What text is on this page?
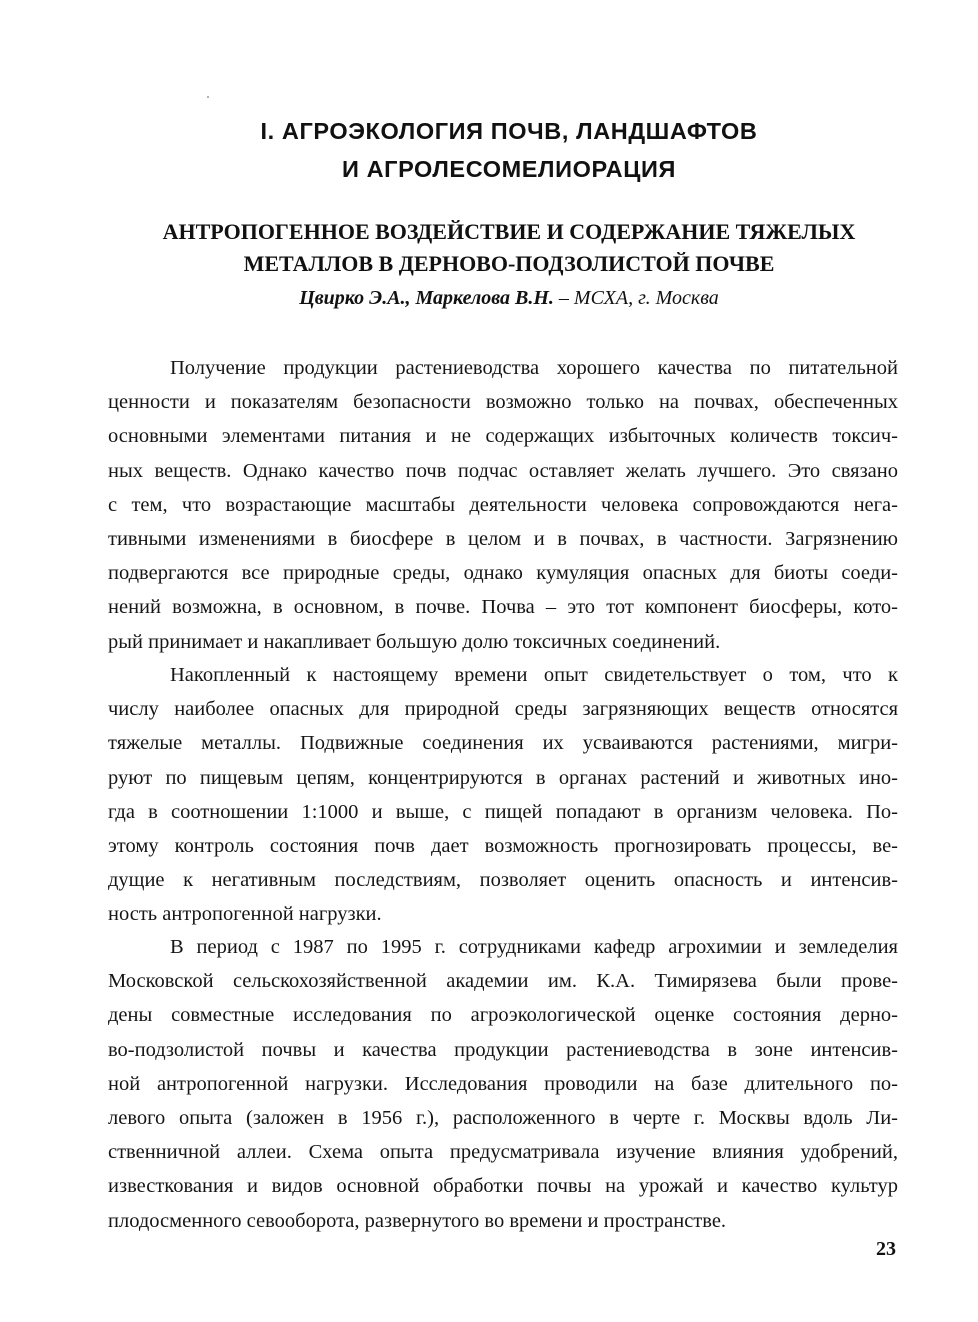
I. АГРОЭКОЛОГИЯ ПОЧВ, ЛАНДШАФТОВ
И АГРОЛЕСОМЕЛИОРАЦИЯ
АНТРОПОГЕННОЕ ВОЗДЕЙСТВИЕ И СОДЕРЖАНИЕ ТЯЖЕЛЫХ
МЕТАЛЛОВ В ДЕРНОВО-ПОДЗОЛИСТОЙ ПОЧВЕ
Цвирко Э.А., Маркелова В.Н. – МСХА, г. Москва
Получение продукции растениеводства хорошего качества по питательной
ценности и показателям безопасности возможно только на почвах, обеспеченных
основными элементами питания и не содержащих избыточных количеств токсич-
ных веществ. Однако качество почв подчас оставляет желать лучшего. Это связано
с тем, что возрастающие масштабы деятельности человека сопровождаются нега-
тивными изменениями в биосфере в целом и в почвах, в частности. Загрязнению
подвергаются все природные среды, однако кумуляция опасных для биоты соеди-
нений возможна, в основном, в почве. Почва – это тот компонент биосферы, кото-
рый принимает и накапливает большую долю токсичных соединений.
Накопленный к настоящему времени опыт свидетельствует о том, что к
числу наиболее опасных для природной среды загрязняющих веществ относятся
тяжелые металлы. Подвижные соединения их усваиваются растениями, мигри-
руют по пищевым цепям, концентрируются в органах растений и животных ино-
гда в соотношении 1:1000 и выше, с пищей попадают в организм человека. По-
этому контроль состояния почв дает возможность прогнозировать процессы, ве-
дущие к негативным последствиям, позволяет оценить опасность и интенсив-
ность антропогенной нагрузки.
В период с 1987 по 1995 г. сотрудниками кафедр агрохимии и земледелия
Московской сельскохозяйственной академии им. К.А. Тимирязева были прове-
дены совместные исследования по агроэкологической оценке состояния дерно-
во-подзолистой почвы и качества продукции растениеводства в зоне интенсив-
ной антропогенной нагрузки. Исследования проводили на базе длительного по-
левого опыта (заложен в 1956 г.), расположенного в черте г. Москвы вдоль Ли-
ственничной аллеи. Схема опыта предусматривала изучение влияния удобрений,
известкования и видов основной обработки почвы на урожай и качество культур
плодосменного севооборота, развернутого во времени и пространстве.
23
